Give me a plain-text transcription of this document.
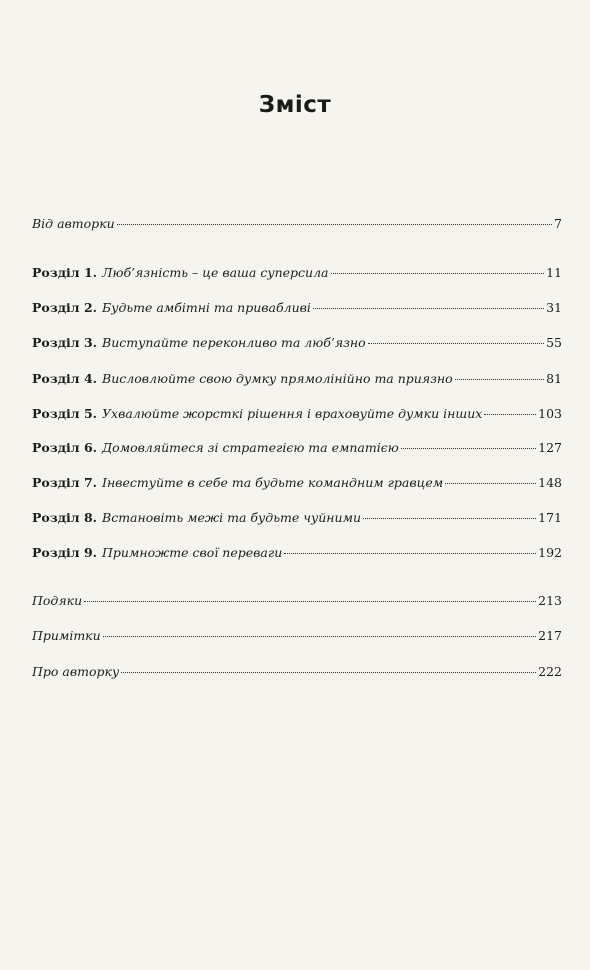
Зміст
Від авторки	7
Розділ 1. Люб’язність – це ваша суперсила	11
Розділ 2. Будьте амбітні та привабливі	31
Розділ 3. Виступайте переконливо та люб’язно	55
Розділ 4. Висловлюйте свою думку прямолінійно та приязно	81
Розділ 5. Ухвалюйте жорсткі рішення і враховуйте думки інших	103
Розділ 6. Домовляйтеся зі стратегією та емпатією	127
Розділ 7. Інвестуйте в себе та будьте командним гравцем	148
Розділ 8. Встановіть межі та будьте чуйними	171
Розділ 9. Примножте свої переваги	192
Подяки	213
Примітки	217
Про авторку	222
